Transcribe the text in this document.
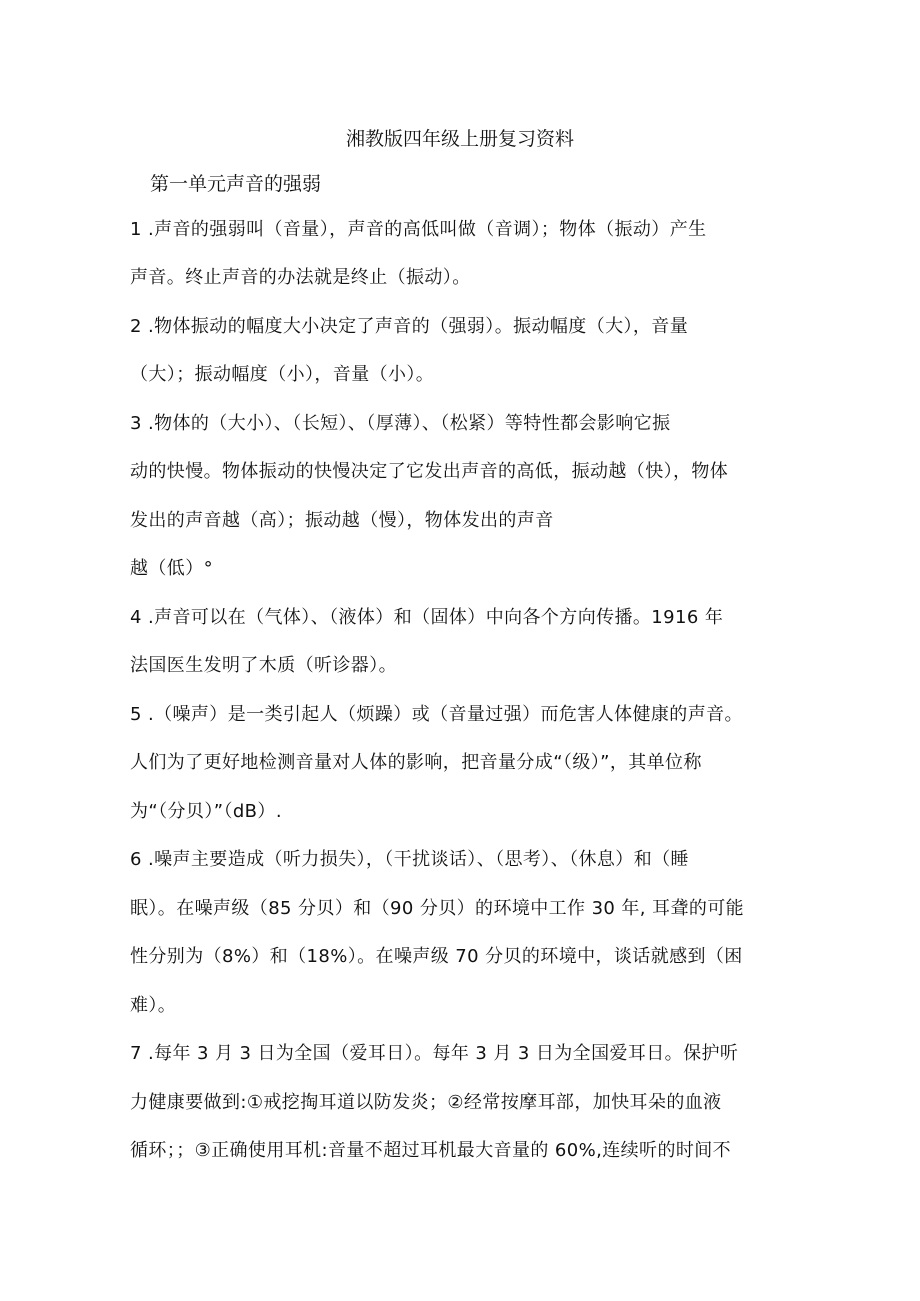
湘教版四年级上册复习资料
第一单元声音的强弱
1 .声音的强弱叫（音量），声音的高低叫做（音调）；物体（振动）产生
声音。终止声音的办法就是终止（振动）。
2 .物体振动的幅度大小决定了声音的（强弱）。振动幅度（大），音量
（大）；振动幅度（小），音量（小）。
3 .物体的（大小）、（长短）、（厚薄）、（松紧）等特性都会影响它振
动的快慢。物体振动的快慢决定了它发出声音的高低，振动越（快），物体
发出的声音越（高）；振动越（慢），物体发出的声音
越（低）°
4 .声音可以在（气体）、（液体）和（固体）中向各个方向传播。1916 年
法国医生发明了木质（听诊器）。
5 .（噪声）是一类引起人（烦躁）或（音量过强）而危害人体健康的声音。
人们为了更好地检测音量对人体的影响，把音量分成“（级）”，其单位称
为“（分贝）”（dB）.
6 .噪声主要造成（听力损失），（干扰谈话）、（思考）、（休息）和（睡
眠）。在噪声级（85 分贝）和（90 分贝）的环境中工作 30 年, 耳聋的可能
性分别为（8%）和（18%）。在噪声级 70 分贝的环境中，谈话就感到（困
难）。
7 .每年 3 月 3 日为全国（爱耳日）。每年 3 月 3 日为全国爱耳日。保护听
力健康要做到:①戒挖掏耳道以防发炎；②经常按摩耳部，加快耳朵的血液
循环；；③正确使用耳机:音量不超过耳机最大音量的 60%,连续听的时间不
